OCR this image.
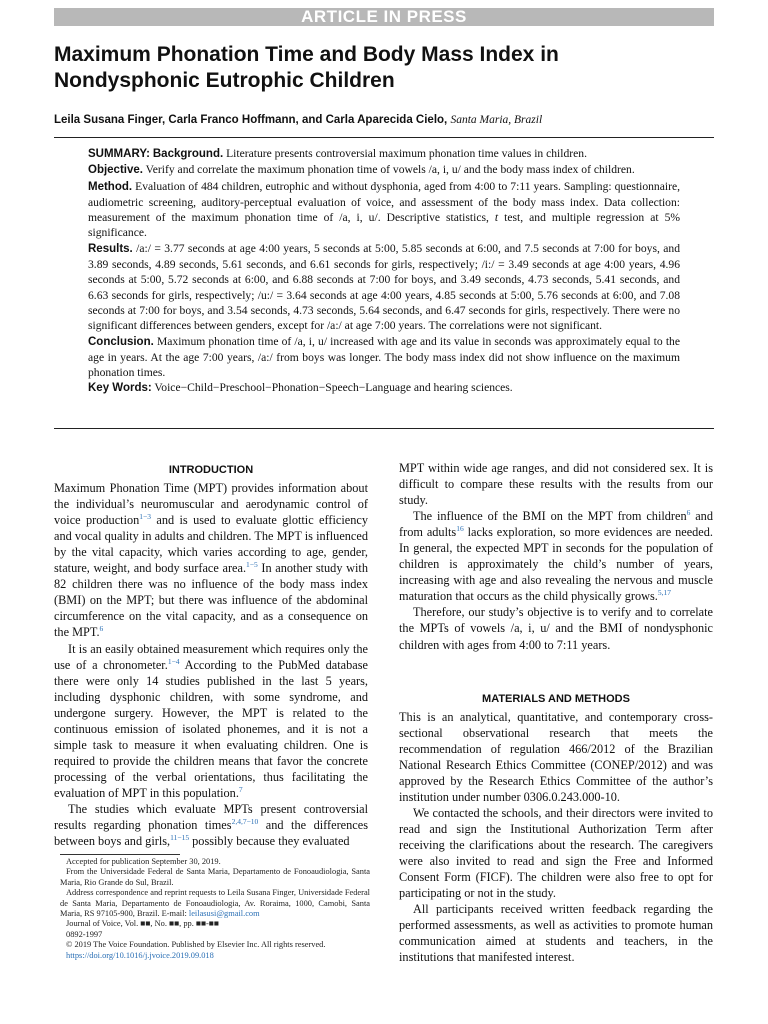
ARTICLE IN PRESS
Maximum Phonation Time and Body Mass Index in Nondysphonic Eutrophic Children
Leila Susana Finger, Carla Franco Hoffmann, and Carla Aparecida Cielo, Santa Maria, Brazil

SUMMARY: Background. Literature presents controversial maximum phonation time values in children.

Objective. Verify and correlate the maximum phonation time of vowels /a, i, u/ and the body mass index of children.

Method. Evaluation of 484 children, eutrophic and without dysphonia, aged from 4:00 to 7:11 years. Sampling: questionnaire, audiometric screening, auditory-perceptual evaluation of voice, and assessment of the body mass index. Data collection: measurement of the maximum phonation time of /a, i, u/. Descriptive statistics, t test, and multiple regression at 5% significance.

Results. /a:/ = 3.77 seconds at age 4:00 years, 5 seconds at 5:00, 5.85 seconds at 6:00, and 7.5 seconds at 7:00 for boys, and 3.89 seconds, 4.89 seconds, 5.61 seconds, and 6.61 seconds for girls, respectively; /i:/ = 3.49 seconds at age 4:00 years, 4.96 seconds at 5:00, 5.72 seconds at 6:00, and 6.88 seconds at 7:00 for boys, and 3.49 seconds, 4.73 seconds, 5.41 seconds, and 6.63 seconds for girls, respectively; /u:/ = 3.64 seconds at age 4:00 years, 4.85 seconds at 5:00, 5.76 seconds at 6:00, and 7.08 seconds at 7:00 for boys, and 3.54 seconds, 4.73 seconds, 5.64 seconds, and 6.47 seconds for girls, respectively. There were no significant differences between genders, except for /a:/ at age 7:00 years. The correlations were not significant.

Conclusion. Maximum phonation time of /a, i, u/ increased with age and its value in seconds was approximately equal to the age in years. At the age 7:00 years, /a:/ from boys was longer. The body mass index did not show influence on the maximum phonation times.

Key Words: Voice−Child−Preschool−Phonation−Speech−Language and hearing sciences.

INTRODUCTION

Maximum Phonation Time (MPT) provides information about the individual’s neuromuscular and aerodynamic control of voice production$^{1-3}$ and is used to evaluate glottic efficiency and vocal quality in adults and children. The MPT is influenced by the vital capacity, which varies according to age, gender, stature, weight, and body surface area.$^{1-5}$ In another study with 82 children there was no influence of the body mass index (BMI) on the MPT; but there was influence of the abdominal circumference on the vital capacity, and as a consequence on the MPT.$^6$

It is an easily obtained measurement which requires only the use of a chronometer.$^{1-4}$ According to the PubMed database there were only 14 studies published in the last 5 years, including dysphonic children, with some syndrome, and undergone surgery. However, the MPT is related to the continuous emission of isolated phonemes, and it is not a simple task to measure it when evaluating children. One is required to provide the children means that favor the concrete processing of the verbal orientations, thus facilitating the evaluation of MPT in this population.$^7$

The studies which evaluate MPTs present controversial results regarding phonation times$^{2,4,7-10}$ and the differences between boys and girls,$^{11-15}$ possibly because they evaluated

Accepted for publication September 30, 2019.

From the Universidade Federal de Santa Maria, Departamento de Fonoaudiologia, Santa Maria, Rio Grande do Sul, Brazil.

Address correspondence and reprint requests to Leila Susana Finger, Universidade Federal de Santa Maria, Departamento de Fonoaudiologia, Av. Roraima, 1000, Camobi, Santa Maria, RS 97105-900, Brazil. E-mail: leilasusi@gmail.com

Journal of Voice, Vol. ■■, No. ■■, pp. ■■-■■

0892-1997

© 2019 The Voice Foundation. Published by Elsevier Inc. All rights reserved.

https://doi.org/10.1016/j.jvoice.2019.09.018

MPT within wide age ranges, and did not considered sex. It is difficult to compare these results with the results from our study.

The influence of the BMI on the MPT from children$^6$ and from adults$^{16}$ lacks exploration, so more evidences are needed. In general, the expected MPT in seconds for the population of children is approximately the child’s number of years, increasing with age and also revealing the nervous and muscle maturation that occurs as the child physically grows.$^{5,17}$

Therefore, our study’s objective is to verify and to correlate the MPTs of vowels /a, i, u/ and the BMI of nondysphonic children with ages from 4:00 to 7:11 years.

MATERIALS AND METHODS

This is an analytical, quantitative, and contemporary cross-sectional observational research that meets the recommendation of regulation 466/2012 of the Brazilian National Research Ethics Committee (CONEP/2012) and was approved by the Research Ethics Committee of the author’s institution under number 0306.0.243.000-10.

We contacted the schools, and their directors were invited to read and sign the Institutional Authorization Term after receiving the clarifications about the research. The caregivers were also invited to read and sign the Free and Informed Consent Form (FICF). The children were also free to opt for participating or not in the study.

All participants received written feedback regarding the performed assessments, as well as activities to promote human communication aimed at students and teachers, in the institutions that manifested interest.
